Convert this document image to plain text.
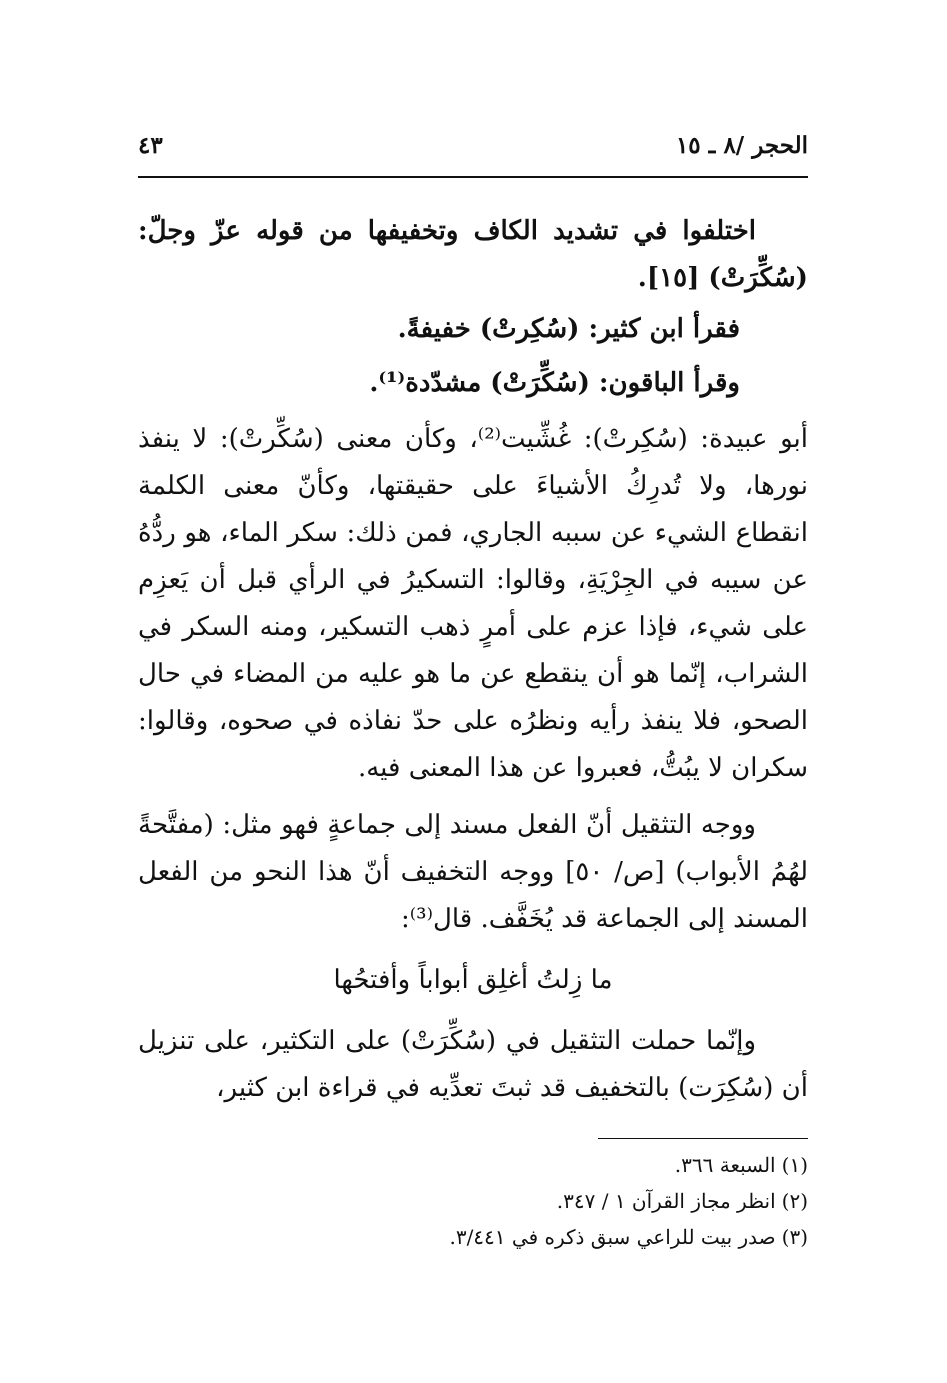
الحجر /٨ ـ ١٥
٤٣

اختلفوا في تشديد الكاف وتخفيفها من قوله عزّ وجلّ: (سُكِّرَتْ) [١٥].

فقرأ ابن كثير: (سُكِرتْ) خفيفةً.

وقرأ الباقون: (سُكِّرَتْ) مشدّدة⁽¹⁾.

أبو عبيدة: (سُكِرتْ): غُشِّيت⁽²⁾، وكأن معنى (سُكِّرتْ): لا ينفذ نورها، ولا تُدرِكُ الأشياءَ على حقيقتها، وكأنّ معنى الكلمة انقطاع الشيء عن سببه الجاري، فمن ذلك: سكر الماء، هو ردُّهُ عن سيبه في الجِرْيَةِ، وقالوا: التسكيرُ في الرأي قبل أن يَعزِم على شيء، فإذا عزم على أمرٍ ذهب التسكير، ومنه السكر في الشراب، إنّما هو أن ينقطع عن ما هو عليه من المضاء في حال الصحو، فلا ينفذ رأيه ونظرُه على حدّ نفاذه في صحوه، وقالوا: سكران لا يبُتُّ، فعبروا عن هذا المعنى فيه.

ووجه التثقيل أنّ الفعل مسند إلى جماعةٍ فهو مثل: (مفتَّحةً لهُمُ الأبواب) [ص/ ٥٠] ووجه التخفيف أنّ هذا النحو من الفعل المسند إلى الجماعة قد يُخَفَّف. قال⁽³⁾:

ما زِلتُ أغلِق أبواباً وأفتحُها

وإنّما حملت التثقيل في (سُكِّرَتْ) على التكثير، على تنزيل أن (سُكِرَت) بالتخفيف قد ثبتَ تعدِّيه في قراءة ابن كثير،

(١)السبعة ٣٦٦.

(٢)انظر مجاز القرآن ١ / ٣٤٧.

(٣)صدر بيت للراعي سبق ذكره في ٣/٤٤١.
